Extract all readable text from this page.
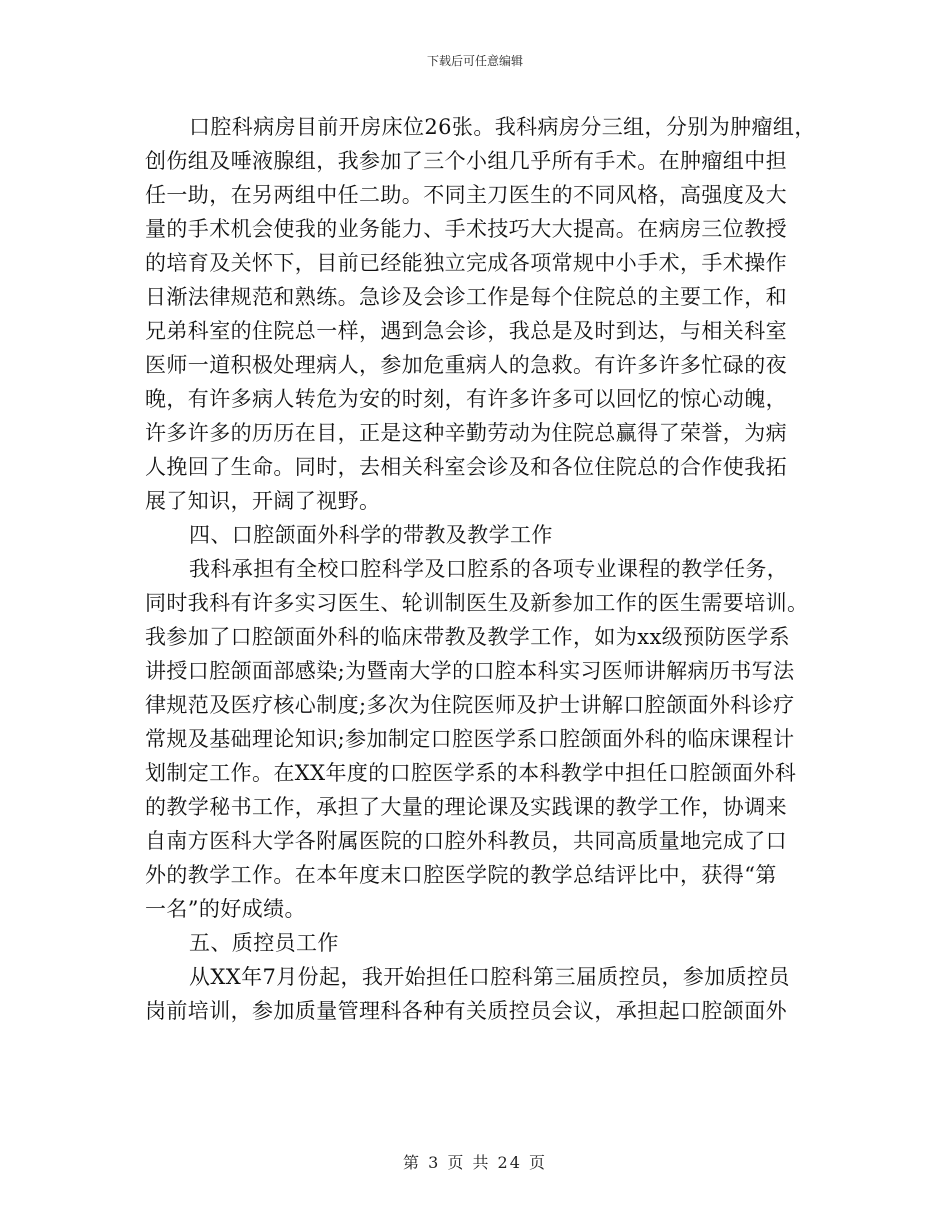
下载后可任意编辑
口腔科病房目前开房床位26张。我科病房分三组，分别为肿瘤组，
创伤组及唾液腺组，我参加了三个小组几乎所有手术。在肿瘤组中担
任一助，在另两组中任二助。不同主刀医生的不同风格，高强度及大
量的手术机会使我的业务能力、手术技巧大大提高。在病房三位教授
的培育及关怀下，目前已经能独立完成各项常规中小手术，手术操作
日渐法律规范和熟练。急诊及会诊工作是每个住院总的主要工作，和
兄弟科室的住院总一样，遇到急会诊，我总是及时到达，与相关科室
医师一道积极处理病人，参加危重病人的急救。有许多许多忙碌的夜
晚，有许多病人转危为安的时刻，有许多许多可以回忆的惊心动魄，
许多许多的历历在目，正是这种辛勤劳动为住院总赢得了荣誉，为病
人挽回了生命。同时，去相关科室会诊及和各位住院总的合作使我拓
展了知识，开阔了视野。
四、口腔颌面外科学的带教及教学工作
我科承担有全校口腔科学及口腔系的各项专业课程的教学任务，
同时我科有许多实习医生、轮训制医生及新参加工作的医生需要培训。
我参加了口腔颌面外科的临床带教及教学工作，如为xx级预防医学系
讲授口腔颌面部感染;为暨南大学的口腔本科实习医师讲解病历书写法
律规范及医疗核心制度;多次为住院医师及护士讲解口腔颌面外科诊疗
常规及基础理论知识;参加制定口腔医学系口腔颌面外科的临床课程计
划制定工作。在XX年度的口腔医学系的本科教学中担任口腔颌面外科
的教学秘书工作，承担了大量的理论课及实践课的教学工作，协调来
自南方医科大学各附属医院的口腔外科教员，共同高质量地完成了口
外的教学工作。在本年度末口腔医学院的教学总结评比中，获得“第
一名”的好成绩。
五、质控员工作
从XX年7月份起，我开始担任口腔科第三届质控员，参加质控员
岗前培训，参加质量管理科各种有关质控员会议，承担起口腔颌面外
第 3 页 共 24 页
